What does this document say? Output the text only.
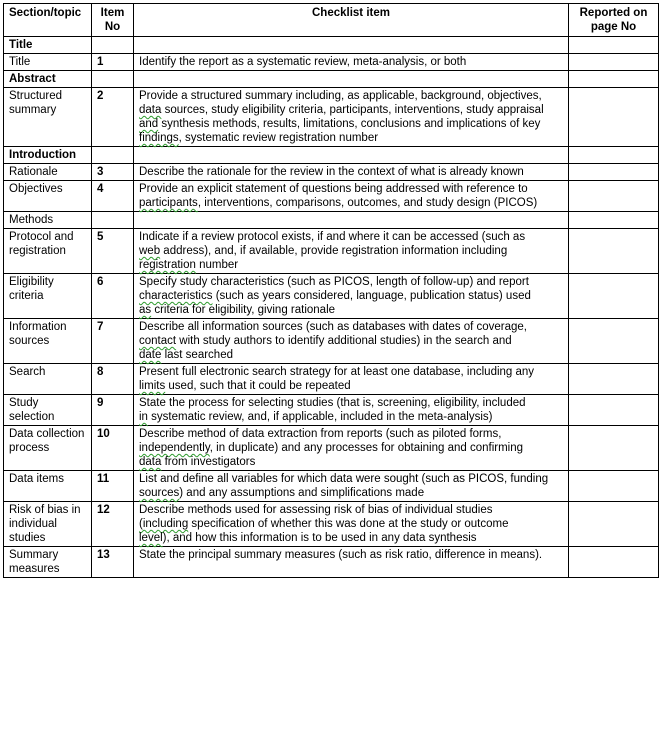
Section/topic	Item No	Checklist item	Reported on page No
Title			
Title	1	Identify the report as a systematic review, meta-analysis, or both	

Abstract			
Structured summary	2	Provide a structured summary including, as applicable, background, objectives,
data sources, study eligibility criteria, participants, interventions, study appraisal
and synthesis methods, results, limitations, conclusions and implications of key
findings, systematic review registration number	

Introduction			
Rationale	3	Describe the rationale for the review in the context of what is already known	

Objectives	4	Provide an explicit statement of questions being addressed with reference to
participants, interventions, comparisons, outcomes, and study design (PICOS)	

Methods			
Protocol and registration	5	Indicate if a review protocol exists, if and where it can be accessed (such as
web address), and, if available, provide registration information including
registration number	

Eligibility criteria	6	Specify study characteristics (such as PICOS, length of follow-up) and report
characteristics (such as years considered, language, publication status) used
as criteria for eligibility, giving rationale	

Information sources	7	Describe all information sources (such as databases with dates of coverage,
contact with study authors to identify additional studies) in the search and
date last searched	

Search	8	Present full electronic search strategy for at least one database, including any
limits used, such that it could be repeated	

Study selection	9	State the process for selecting studies (that is, screening, eligibility, included
in systematic review, and, if applicable, included in the meta-analysis)	

Data collection process	10	Describe method of data extraction from reports (such as piloted forms,
independently, in duplicate) and any processes for obtaining and confirming
data from investigators	

Data items	11	List and define all variables for which data were sought (such as PICOS, funding
sources) and any assumptions and simplifications made	

Risk of bias in individual studies	12	Describe methods used for assessing risk of bias of individual studies
(including specification of whether this was done at the study or outcome
level), and how this information is to be used in any data synthesis	

Summary measures	13	State the principal summary measures (such as risk ratio, difference in means).	
